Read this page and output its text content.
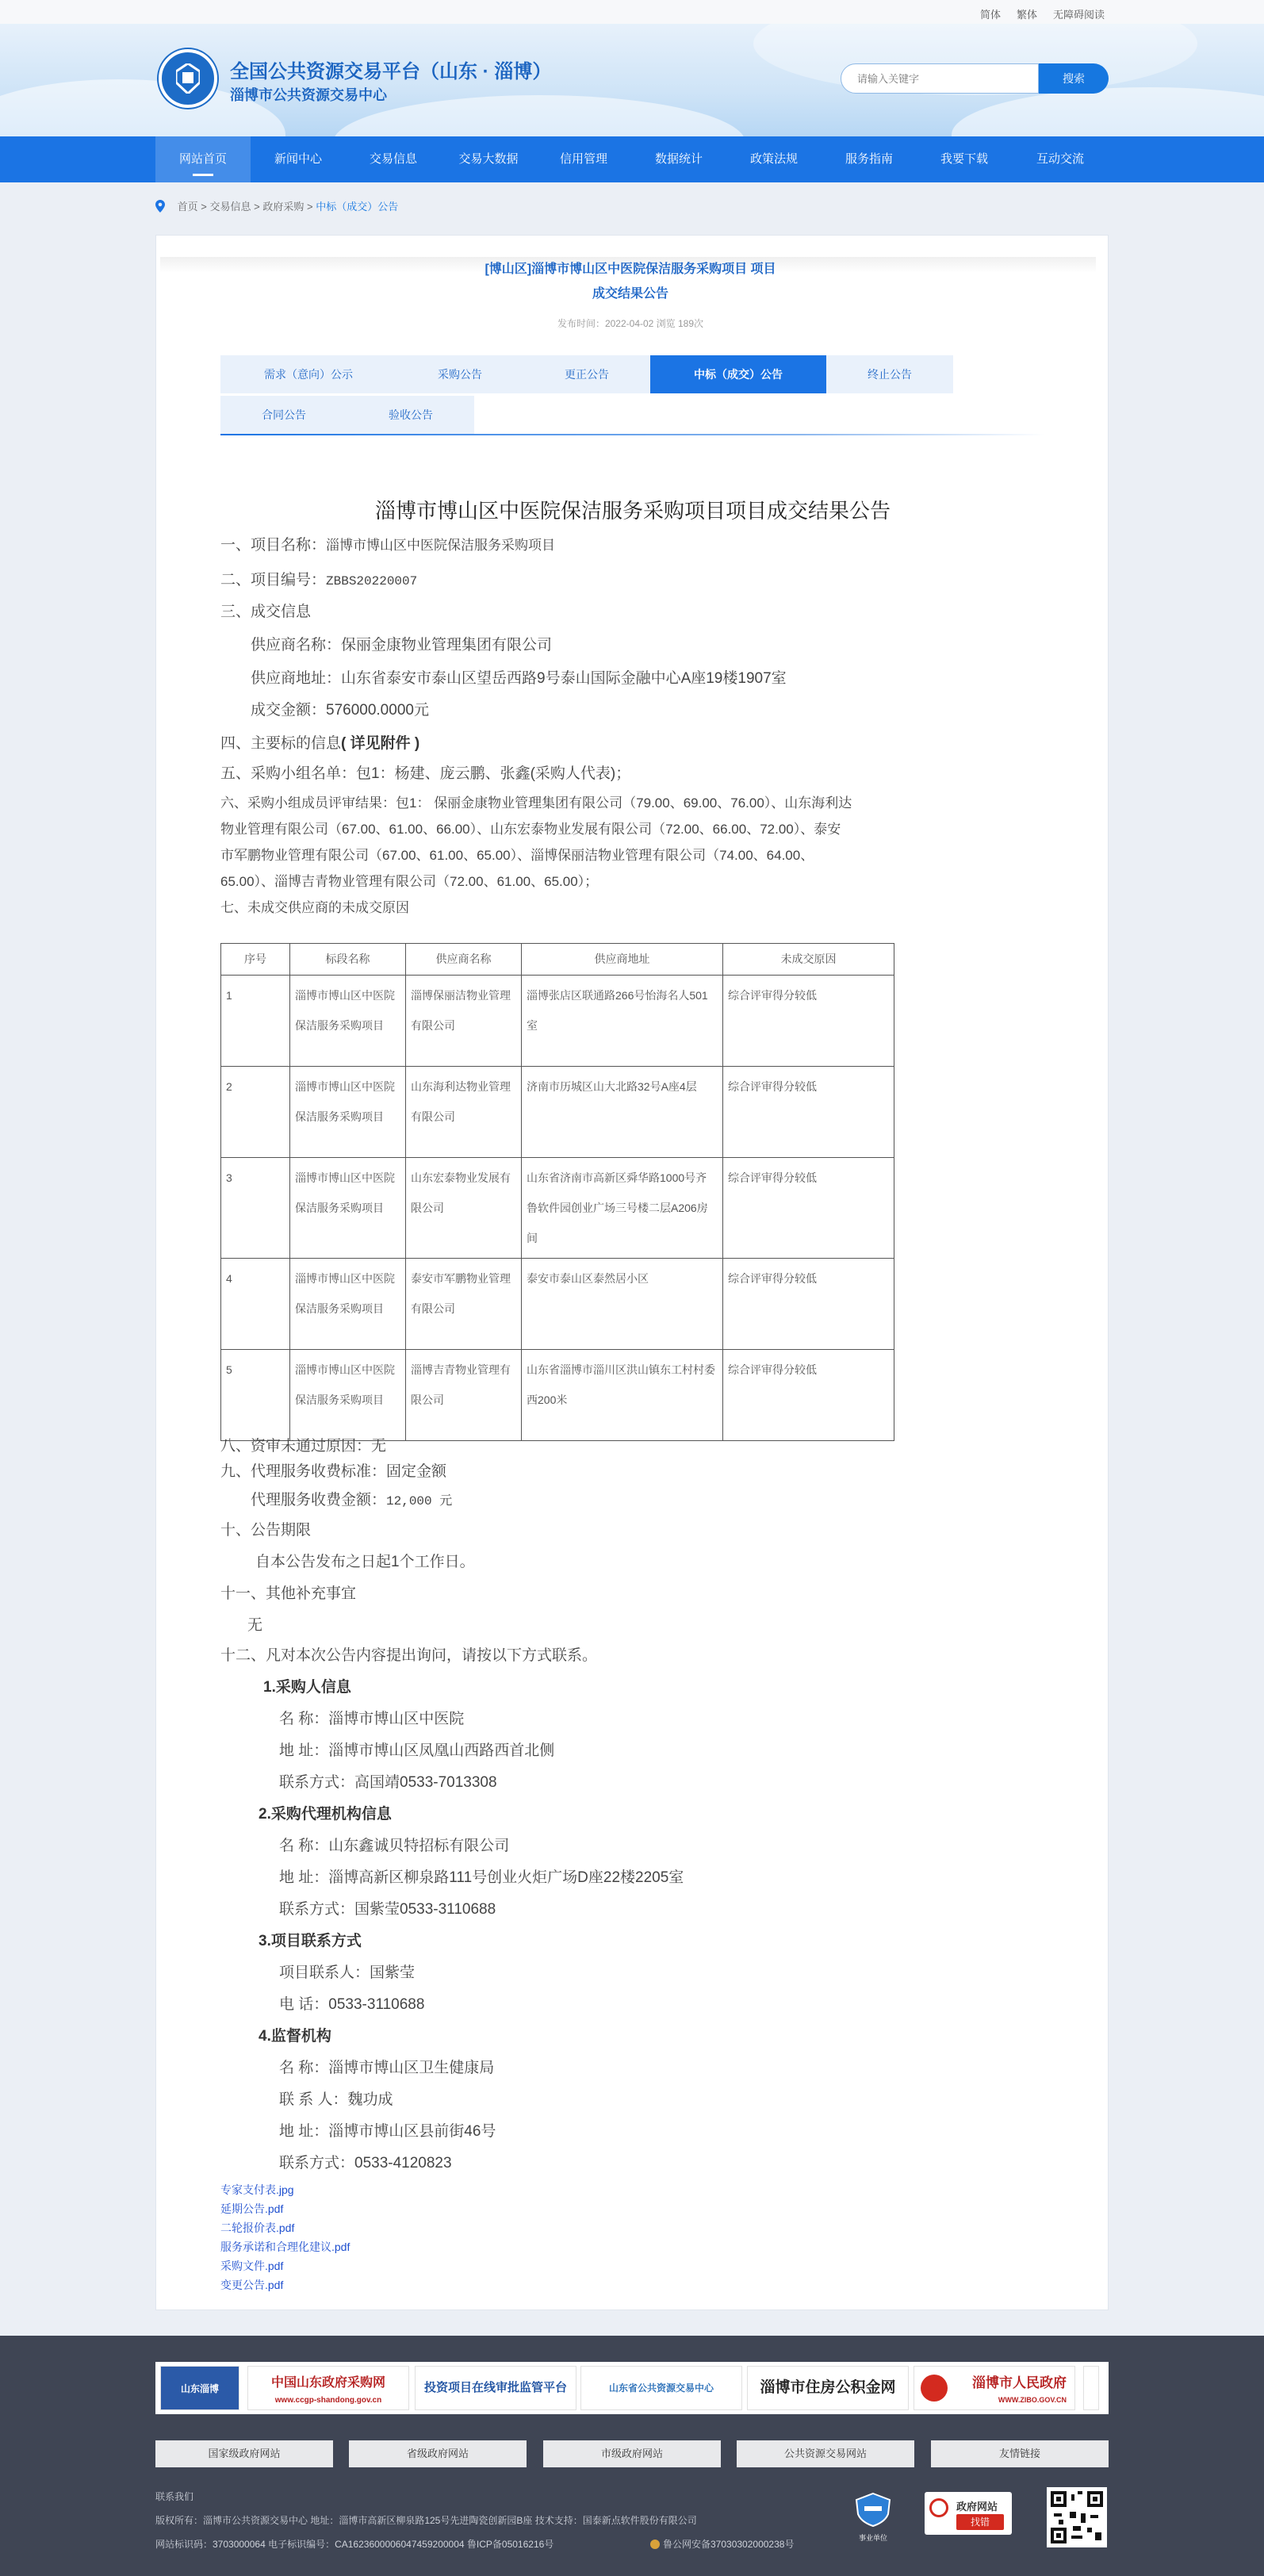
简体 繁体 无障碍阅读
全国公共资源交易平台（山东 · 淄博）
淄博市公共资源交易中心
请输入关键字
搜索
网站首页	新闻中心	交易信息	交易大数据	信用管理	数据统计	政策法规	服务指南	我要下载	互动交流
首页 > 交易信息 > 政府采购 > 中标（成交）公告
[博山区]淄博市博山区中医院保洁服务采购项目 项目
成交结果公告
发布时间：2022-04-02 浏览 189次
需求（意向）公示	采购公告	更正公告	中标（成交）公告	终止公告
合同公告	验收公告
淄博市博山区中医院保洁服务采购项目项目成交结果公告
一、项目名称：淄博市博山区中医院保洁服务采购项目
二、项目编号：ZBBS20220007
三、成交信息
供应商名称：保丽金康物业管理集团有限公司
供应商地址：山东省泰安市泰山区望岳西路9号泰山国际金融中心A座19楼1907室
成交金额：576000.0000元
四、主要标的信息( 详见附件 )
五、采购小组名单：包1：杨建、庞云鹏、张鑫(采购人代表)；
六、采购小组成员评审结果：包1： 保丽金康物业管理集团有限公司（79.00、69.00、76.00）、山东海利达
物业管理有限公司（67.00、61.00、66.00）、山东宏泰物业发展有限公司（72.00、66.00、72.00）、泰安
市军鹏物业管理有限公司（67.00、61.00、65.00）、淄博保丽洁物业管理有限公司（74.00、64.00、
65.00）、淄博吉青物业管理有限公司（72.00、61.00、65.00）；
七、未成交供应商的未成交原因
序号	标段名称	供应商名称	供应商地址	未成交原因
1	淄博市博山区中医院保洁服务采购项目	淄博保丽洁物业管理有限公司	淄博张店区联通路266号怡海名人501室	综合评审得分较低
2	淄博市博山区中医院保洁服务采购项目	山东海利达物业管理有限公司	济南市历城区山大北路32号A座4层	综合评审得分较低
3	淄博市博山区中医院保洁服务采购项目	山东宏泰物业发展有限公司	山东省济南市高新区舜华路1000号齐鲁软件园创业广场三号楼二层A206房间	综合评审得分较低
4	淄博市博山区中医院保洁服务采购项目	泰安市军鹏物业管理有限公司	泰安市泰山区泰然居小区	综合评审得分较低
5	淄博市博山区中医院保洁服务采购项目	淄博吉青物业管理有限公司	山东省淄博市淄川区洪山镇东工村村委西200米	综合评审得分较低
八、资审未通过原因：无
九、代理服务收费标准：固定金额
代理服务收费金额：12,000 元
十、公告期限
自本公告发布之日起1个工作日。
十一、其他补充事宜
无
十二、凡对本次公告内容提出询问，请按以下方式联系。
1.采购人信息
名 称：淄博市博山区中医院
地 址：淄博市博山区凤凰山西路西首北侧
联系方式：高国靖0533-7013308
2.采购代理机构信息
名 称：山东鑫诚贝特招标有限公司
地 址：淄博高新区柳泉路111号创业火炬广场D座22楼2205室
联系方式：国紫莹0533-3110688
3.项目联系方式
项目联系人：国紫莹
电 话：0533-3110688
4.监督机构
名 称：淄博市博山区卫生健康局
联 系 人：魏功成
地 址：淄博市博山区县前街46号
联系方式：0533-4120823
专家支付表.jpg
延期公告.pdf
二轮报价表.pdf
服务承诺和合理化建议.pdf
采购文件.pdf
变更公告.pdf
山东淄博	中国山东政府采购网
www.ccgp-shandong.gov.cn
投资项目在线审批监管平台	山东省公共资源交易中心	淄博市住房公积金网	淄博市人民政府
WWW.ZIBO.GOV.CN
国家级政府网站	省级政府网站	市级政府网站	公共资源交易网站	友情链接
联系我们
版权所有：淄博市公共资源交易中心 地址：淄博市高新区柳泉路125号先进陶瓷创新园B座 技术支持：国泰新点软件股份有限公司
网站标识码：3703000064 电子标识编号：CA1623600006047459200004 鲁ICP备05016216号	鲁公网安备37030302000238号
事业单位
政府网站
找错
